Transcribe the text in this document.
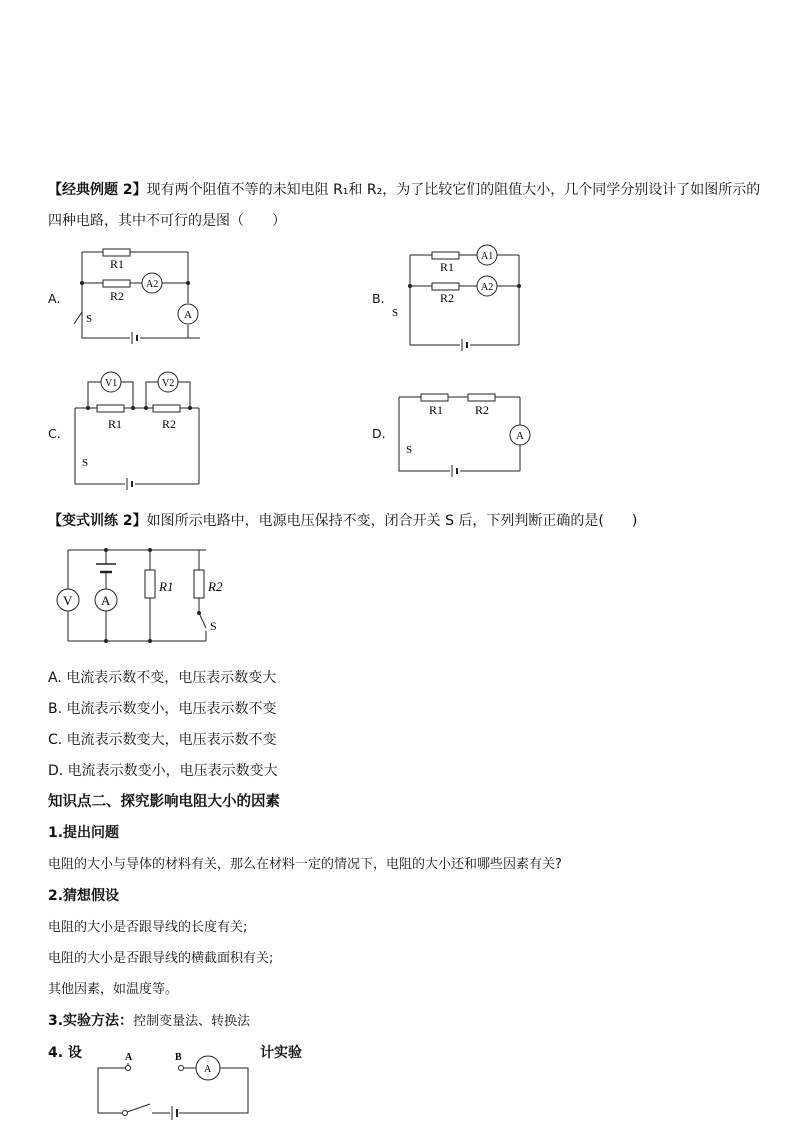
【经典例题 2】现有两个阻值不等的未知电阻 R₁和 R₂，为了比较它们的阻值大小，几个同学分别设计了如图所示的
四种电路，其中不可行的是图（　　）
A.	B.
C.	D.
R1
R2
A2
A
S
R1
R2
A1
A2
S
R1	R2
V1	V2
S
R1	R2
A
S
【变式训练 2】如图所示电路中，电源电压保持不变，闭合开关 S 后，下列判断正确的是(　　)
V A
R1	R2
S
A. 电流表示数不变，电压表示数变大
B. 电流表示数变小，电压表示数不变
C. 电流表示数变大，电压表示数不变
D. 电流表示数变小，电压表示数变大
知识点二、探究影响电阻大小的因素
1.提出问题
电阻的大小与导体的材料有关，那么在材料一定的情况下，电阻的大小还和哪些因素有关?
2.猜想假设
电阻的大小是否跟导线的长度有关;
电阻的大小是否跟导线的横截面积有关;
其他因素，如温度等。
3.实验方法：控制变量法、转换法
4. 设	计实验
A
A	B
